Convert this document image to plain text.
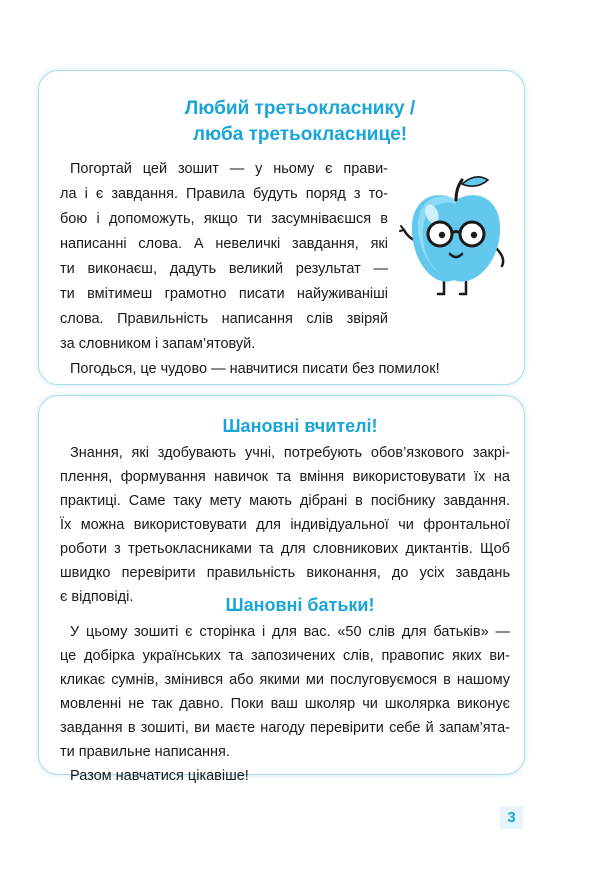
Любий третьокласнику /
люба третьокласнице!
Погортай цей зошит — у ньому є прави-
ла і є завдання. Правила будуть поряд з то-
бою і допоможуть, якщо ти засумніваєшся в
написанні слова. А невеличкі завдання, які
ти виконаєш, дадуть великий результат —
ти вмітимеш грамотно писати найуживаніші
слова. Правильність написання слів звіряй
за словником і запам’ятовуй.
Погодься, це чудово — навчитися писати без помилок!
Шановні вчителі!
Знання, які здобувають учні, потребують обов’язкового закрі-
плення, формування навичок та вміння використовувати їх на
практиці. Саме таку мету мають дібрані в посібнику завдання.
Їх можна використовувати для індивідуальної чи фронтальної
роботи з третьокласниками та для словникових диктантів. Щоб
швидко перевірити правильність виконання, до усіх завдань
є відповіді.	Шановні батьки!
У цьому зошиті є сторінка і для вас. «50 слів для батьків» —
це добірка українських та запозичених слів, правопис яких ви-
кликає сумнів, змінився або якими ми послуговуємося в нашому
мовленні не так давно. Поки ваш школяр чи школярка виконує
завдання в зошиті, ви маєте нагоду перевірити себе й запам’ята-
ти правильне написання.
Разом навчатися цікавіше!
3
